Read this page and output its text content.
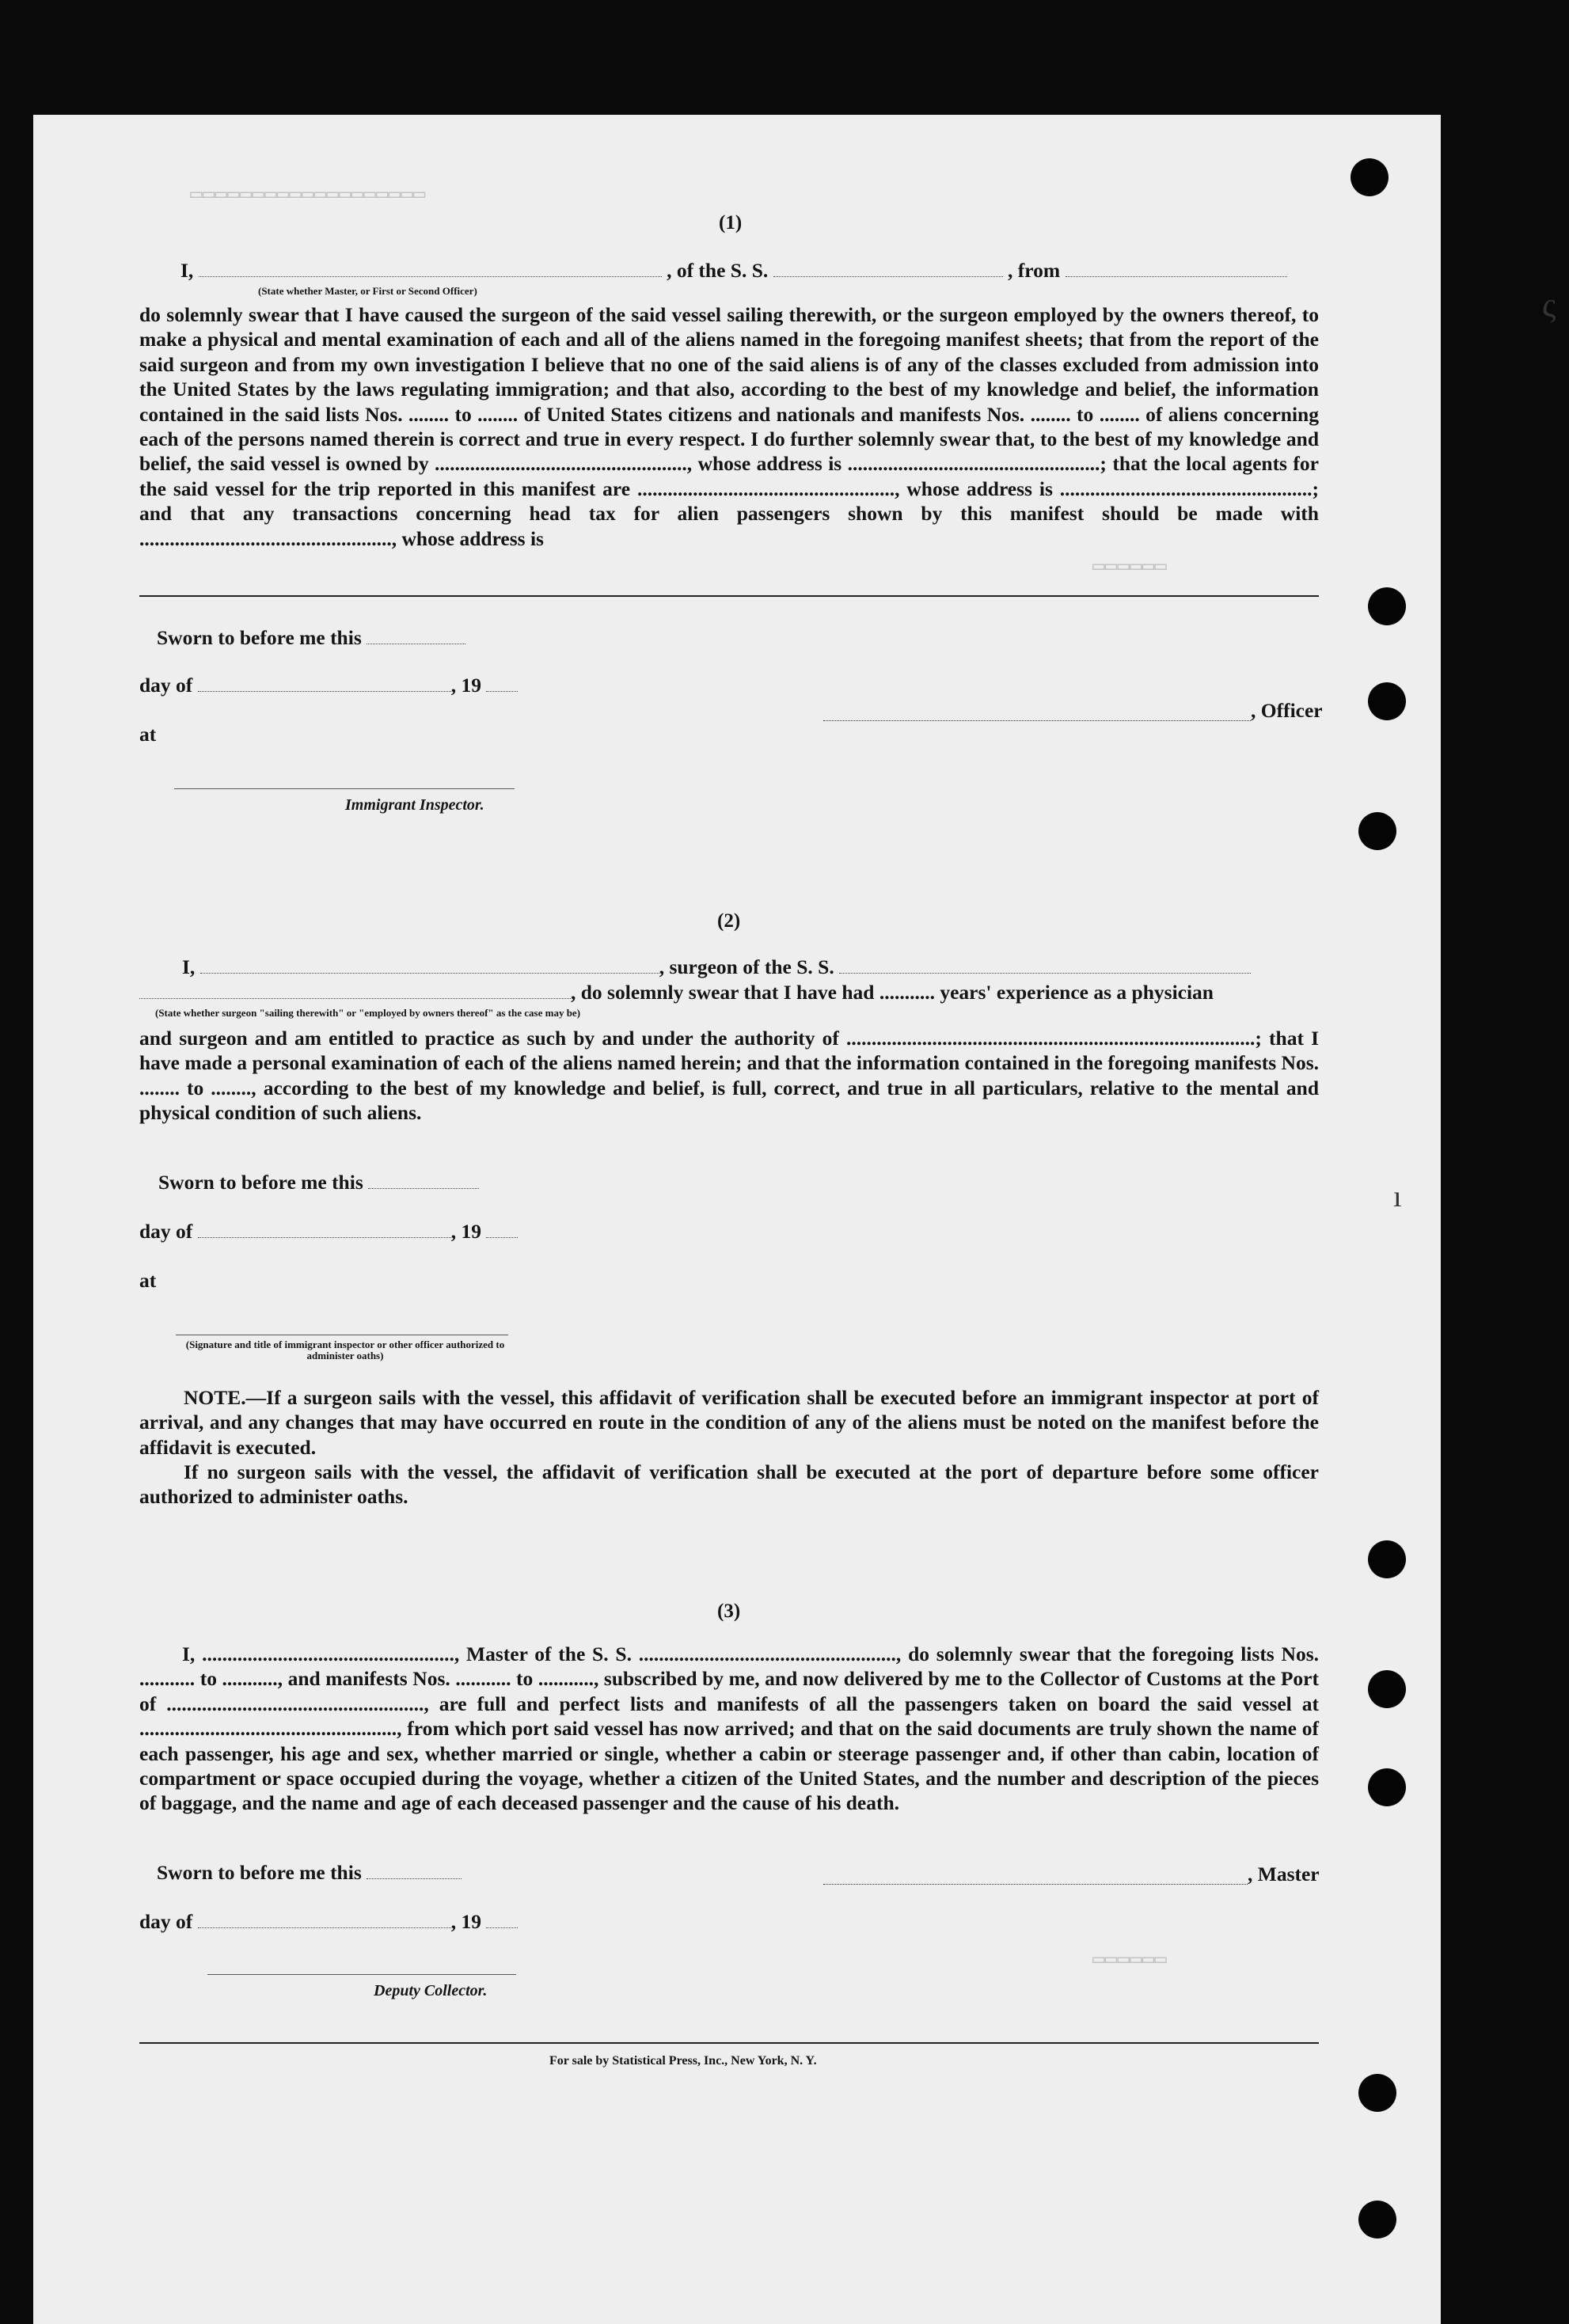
▭▭▭▭▭▭▭▭▭▭▭▭▭▭▭▭▭▭▭
▭▭▭▭▭▭
▭▭▭▭▭▭
(1)
I,	, of the S. S.	, from
(State whether Master, or First or Second Officer)
do solemnly swear that I have caused the surgeon of the said vessel sailing therewith, or the surgeon employed by the owners thereof, to make a physical and mental examination of each and all of the aliens named in the foregoing manifest sheets; that from the report of the said surgeon and from my own investigation I believe that no one of the said aliens is of any of the classes excluded from admission into the United States by the laws regulating immigration; and that also, according to the best of my knowledge and belief, the information contained in the said lists Nos. ........ to ........ of United States citizens and nationals and manifests Nos. ........ to ........ of aliens concerning each of the persons named therein is correct and true in every respect. I do further solemnly swear that, to the best of my knowledge and belief, the said vessel is owned by .................................................., whose address is ..................................................; that the local agents for the said vessel for the trip reported in this manifest are ..................................................., whose address is ..................................................; and that any transactions concerning head tax for alien passengers shown by this manifest should be made with .................................................., whose address is
Sworn to before me this
day of	, 19
at
, Officer
Immigrant Inspector.
(2)
I,	, surgeon of the S. S.
, do solemnly swear that I have had ........... years' experience as a physician
(State whether surgeon "sailing therewith" or "employed by owners thereof" as the case may be)
and surgeon and am entitled to practice as such by and under the authority of .................................................................................; that I have made a personal examination of each of the aliens named herein; and that the information contained in the foregoing manifests Nos. ........ to ........, according to the best of my knowledge and belief, is full, correct, and true in all particulars, relative to the mental and physical condition of such aliens.
Sworn to before me this
day of	, 19
at
(Signature and title of immigrant inspector or other officer authorized to administer oaths)
NOTE.—If a surgeon sails with the vessel, this affidavit of verification shall be executed before an immigrant inspector at port of arrival, and any changes that may have occurred en route in the condition of any of the aliens must be noted on the manifest before the affidavit is executed.
If no surgeon sails with the vessel, the affidavit of verification shall be executed at the port of departure before some officer authorized to administer oaths.
(3)
I, .................................................., Master of the S. S. ..................................................., do solemnly swear that the foregoing lists Nos. ........... to ..........., and manifests Nos. ........... to ..........., subscribed by me, and now delivered by me to the Collector of Customs at the Port of ..................................................., are full and perfect lists and manifests of all the passengers taken on board the said vessel at ..................................................., from which port said vessel has now arrived; and that on the said documents are truly shown the name of each passenger, his age and sex, whether married or single, whether a cabin or steerage passenger and, if other than cabin, location of compartment or space occupied during the voyage, whether a citizen of the United States, and the number and description of the pieces of baggage, and the name and age of each deceased passenger and the cause of his death.
Sworn to before me this	, Master
day of	, 19
Deputy Collector.
For sale by Statistical Press, Inc., New York, N. Y.
ı
ς
